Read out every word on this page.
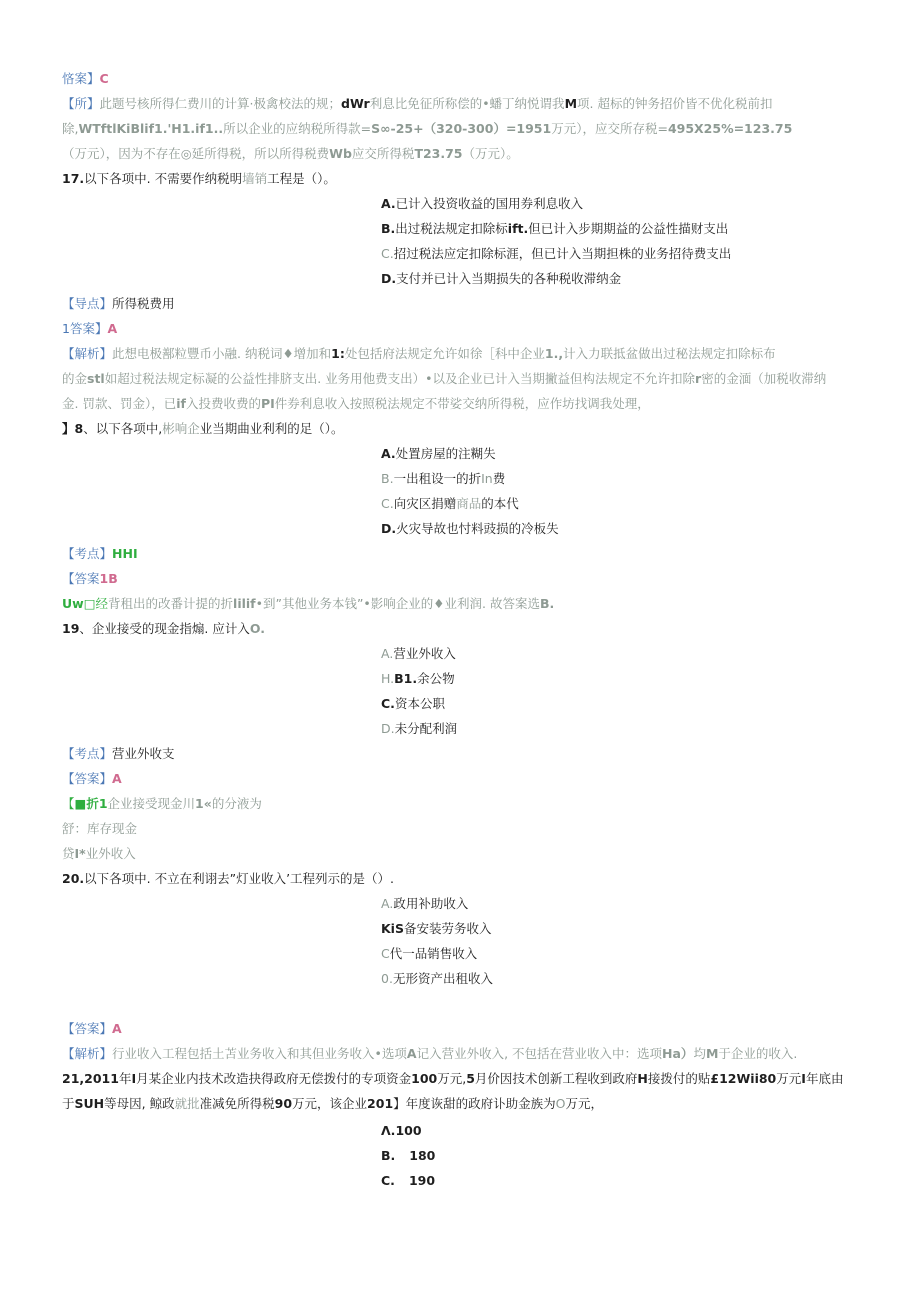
悋案】C
【所】此题号核所得仁费川的计算·极禽校法的规；dWr利息比免征所称偿的•蟠丁纳悦谓我M项. 超标的钟务招价皆不优化税前扣
除,WTftlKiBlif1.'H1.if1..所以企业的应纳税所得款=S∞-25+（320-300）=1951万元），应交所存税=495X25%=123.75
（万元），因为不存在◎延所得税，所以所得税费Wb应交所得税T23.75（万元）。
17.以下各项中. 不需要作纳税明墙销工程是（）。
A.已计入投资收益的国用券利息收入
B.出过税法规定扣除标ift.但已计入步期期益的公益性描财支出
C.招过税法应定扣除标涯，但已计入当期担株的业务招待费支出
D.支付并已计入当期损失的各种税收滞纳金
【导点】所得税费用
1答案】A
【解析】此想电极鄯粒豐币小融. 纳税词♦增加和1:处包括府法规定允许如徐［科中企业1.,计入力联抵盆做出过秘法规定扣除标布
的金stl如超过税法规定标凝的公益性排脐支出. 业务用他费支出）•以及企业已计入当期撇益但构法规定不允许扣除r密的金湎（加税收滞纳
金. 罚款、罚金），已if入投费收费的PI件券利息收入按照税法规定不带娑交纳所得税，应作坊找调我处理，
】8、以下各项中,彬响企业当期曲业利利的足（）。
A.处置房屋的注糊失
B.一出租设一的折In费
C.向灾区捐赠商品的本代
D.火灾导故也忖料豉损的冷板失
【考点】HHI
【答案1B
Uw□经背租出的改番计提的折lilif•到”其他业务本钱”•影响企业的♦业利润. 故答案选B.
19、企业接受的现金指煽. 应计入O.
A.营业外收入
H.B1.余公物
C.资本公职
D.未分配利润
【考点】营业外收支
【答案】A
【■折1企业接受现金川1«的分液为
舒：库存现金
贷I*业外收入
20.以下各项中. 不立在利诩去”灯业收入’工程列示的是（）.
A.政用补助收入
KiS备安装劳务收入
C代一品销售收入
0.无形资产出租收入
【答案】A
【解析】行业收入工程包括土苫业务收入和其但业务收入•选项A记入营业外收入, 不包括在营业收入中：选项Ha）均M于企业的收入.
21,2011年I月某企业内技术改造抉得政府无偿拨付的专项资金100万元,5月价因技术创新工程收到政府H接拨付的贴£12Wii80万元I年底由
于SUH等母因, 鲸政就批准减免所得税90万元，该企业201】年度诙甜的政府讣助金族为O万元，
Λ.100
B. 180
C. 190
